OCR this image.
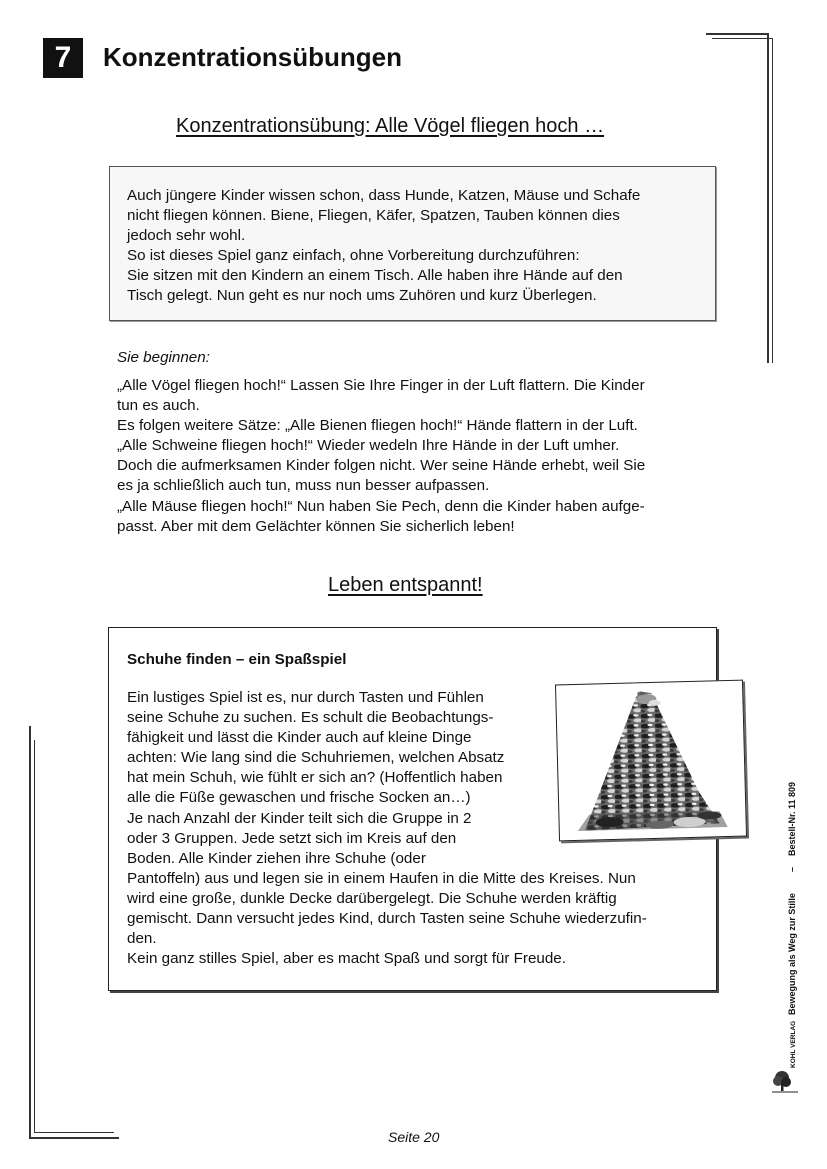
7	Konzentrationsübungen
Konzentrationsübung: Alle Vögel fliegen hoch …

Auch jüngere Kinder wissen schon, dass Hunde, Katzen, Mäuse und Schafe

nicht fliegen können. Biene, Fliegen, Käfer, Spatzen, Tauben können dies

jedoch sehr wohl.

So ist dieses Spiel ganz einfach, ohne Vorbereitung durchzuführen:

Sie sitzen mit den Kindern an einem Tisch. Alle haben ihre Hände auf den

Tisch gelegt. Nun geht es nur noch ums Zuhören und kurz Überlegen.

Sie beginnen:

„Alle Vögel fliegen hoch!“ Lassen Sie Ihre Finger in der Luft flattern. Die Kinder

tun es auch.

Es folgen weitere Sätze: „Alle Bienen fliegen hoch!“ Hände flattern in der Luft.

„Alle Schweine fliegen hoch!“ Wieder wedeln Ihre Hände in der Luft umher.

Doch die aufmerksamen Kinder folgen nicht. Wer seine Hände erhebt, weil Sie

es ja schließlich auch tun, muss nun besser aufpassen.

„Alle Mäuse fliegen hoch!“ Nun haben Sie Pech, denn die Kinder haben aufge-

passt. Aber mit dem Gelächter können Sie sicherlich leben!

Leben entspannt!
Schuhe finden – ein Spaßspiel

Ein lustiges Spiel ist es, nur durch Tasten und Fühlen

seine Schuhe zu suchen. Es schult die Beobachtungs-

fähigkeit und lässt die Kinder auch auf kleine Dinge

achten: Wie lang sind die Schuhriemen, welchen Absatz

hat mein Schuh, wie fühlt er sich an? (Hoffentlich haben

alle die Füße gewaschen und frische Socken an…)

Je nach Anzahl der Kinder teilt sich die Gruppe in 2

oder 3 Gruppen. Jede setzt sich im Kreis auf den

Boden. Alle Kinder ziehen ihre Schuhe (oder

Pantoffeln) aus und legen sie in einem Haufen in die Mitte des Kreises. Nun

wird eine große, dunkle Decke darübergelegt. Die Schuhe werden kräftig

gemischt. Dann versucht jedes Kind, durch Tasten seine Schuhe wiederzufin-

den.

Kein ganz stilles Spiel, aber es macht Spaß und sorgt für Freude.

Bestell-Nr. 11 809
–
Bewegung als Weg zur Stille
KOHL VERLAG
Seite 20
